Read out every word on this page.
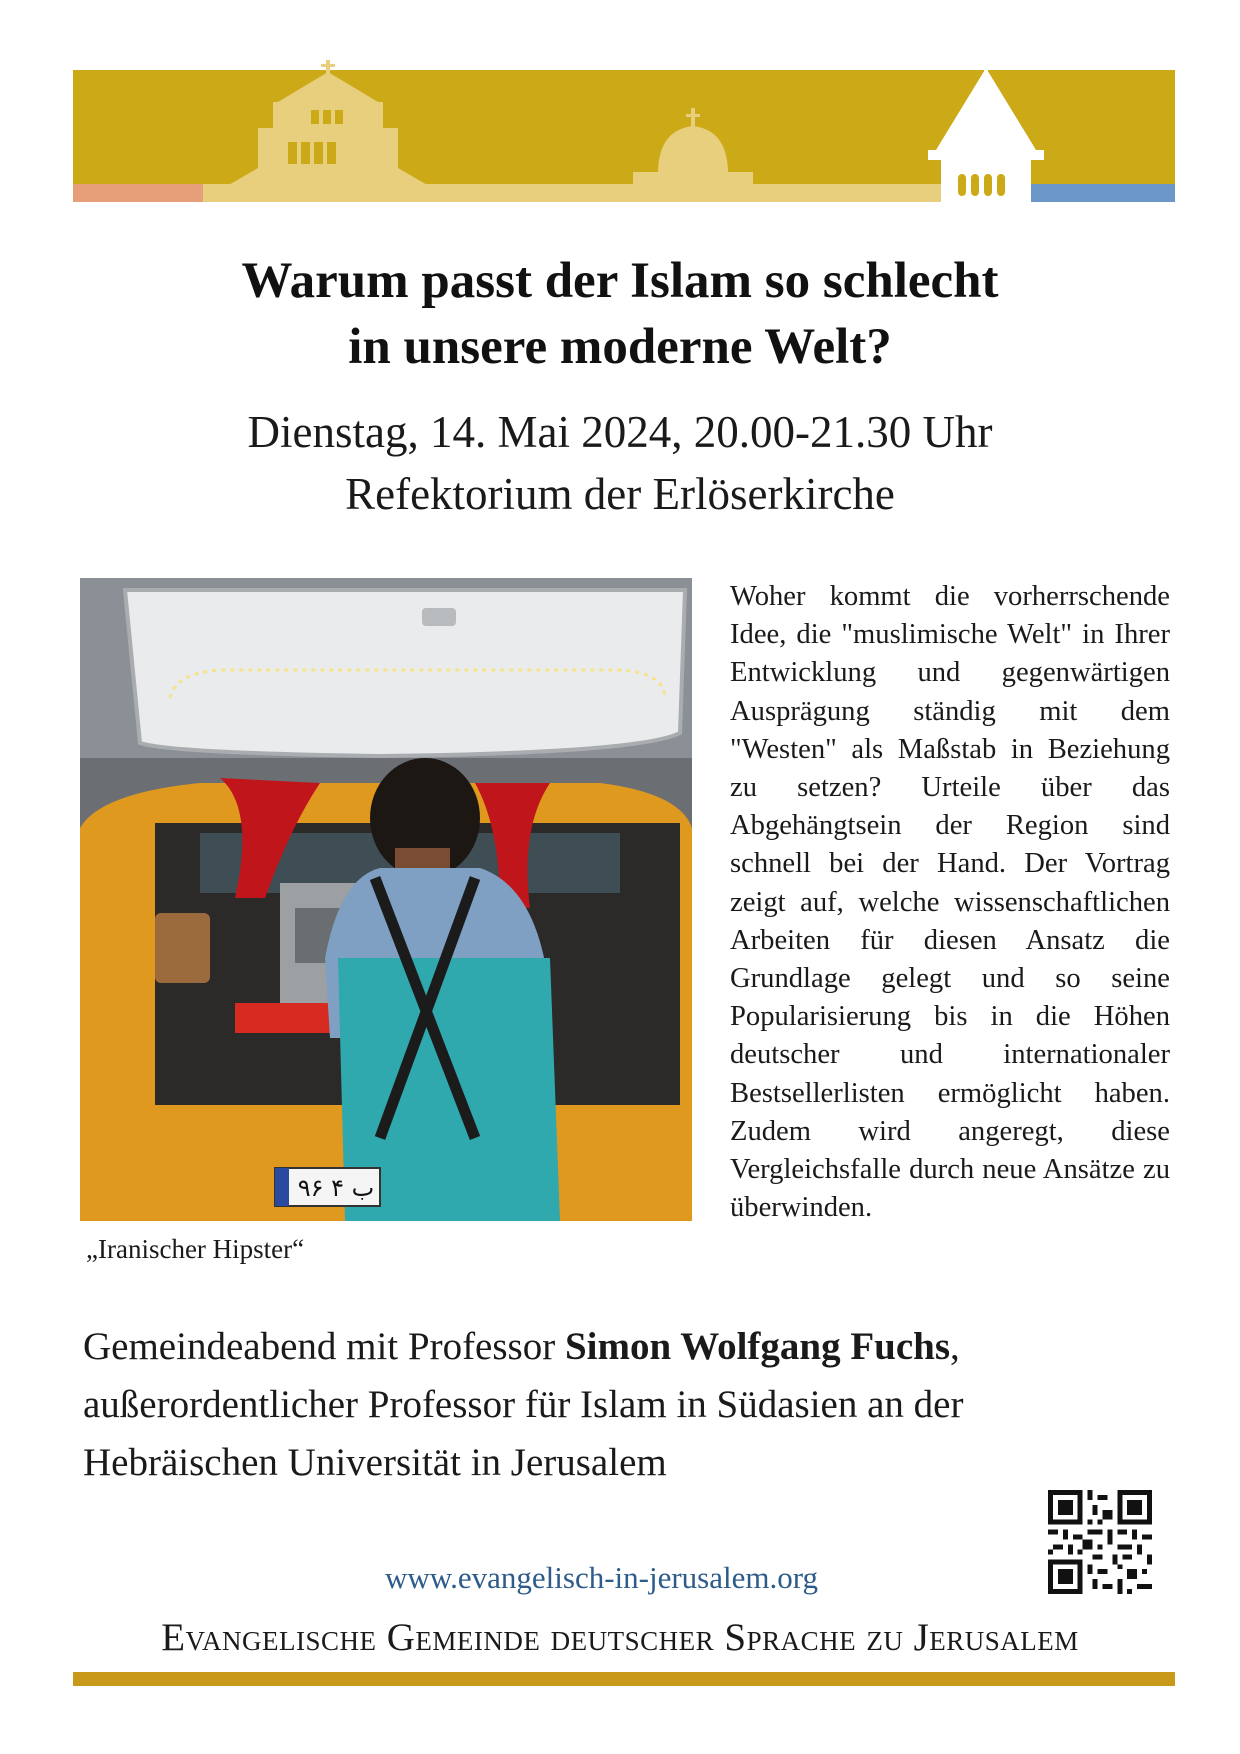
Warum passt der Islam so schlecht
in unsere moderne Welt?
Dienstag, 14. Mai 2024, 20.00-21.30 Uhr
Refektorium der Erlöserkirche
۹۶ ب ۴
„Iranischer Hipster“
Woher kommt die vorherrschende Idee, die "muslimische Welt" in Ihrer Entwicklung und gegenwärtigen Ausprägung ständig mit dem "Westen" als Maßstab in Beziehung zu setzen? Urteile über das Abgehängtsein der Region sind schnell bei der Hand. Der Vortrag zeigt auf, welche wissenschaftlichen Arbeiten für diesen Ansatz die Grundlage gelegt und so seine Popularisierung bis in die Höhen deutscher und internationaler Bestsellerlisten ermöglicht haben. Zudem wird angeregt, diese Vergleichsfalle durch neue Ansätze zu überwinden.
Gemeindeabend mit Professor Simon Wolfgang Fuchs,
außerordentlicher Professor für Islam in Südasien an der
Hebräischen Universität in Jerusalem
www.evangelisch-in-jerusalem.org
Evangelische Gemeinde deutscher Sprache zu Jerusalem
